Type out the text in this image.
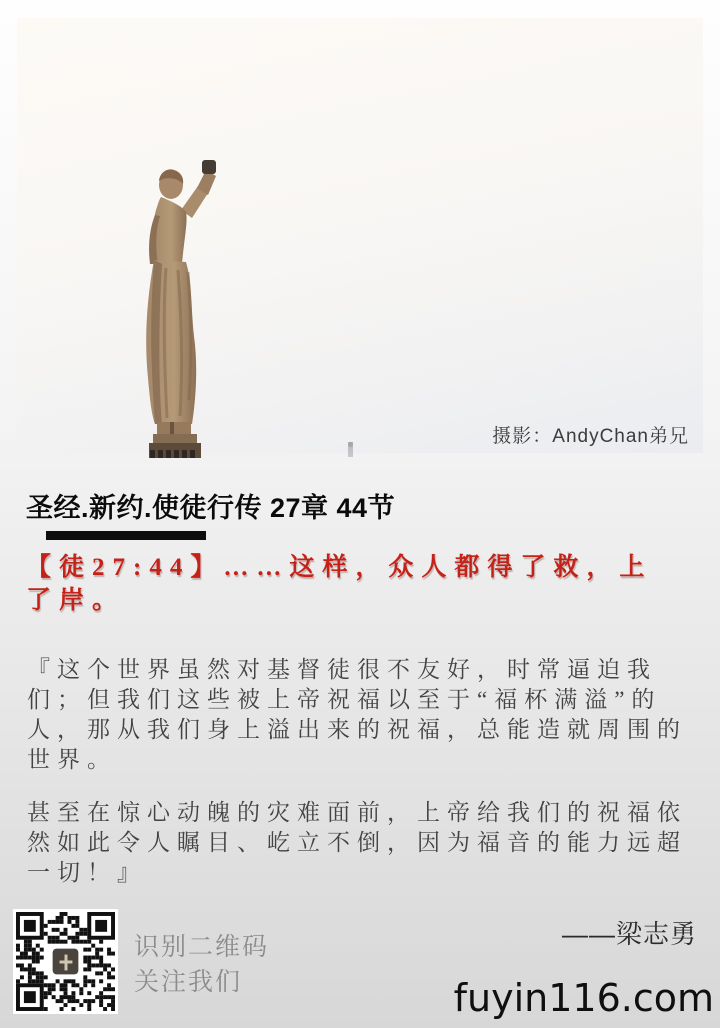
摄影：AndyChan弟兄
圣经.新约.使徒行传 27章 44节
【徒27:44】……这样，众人都得了救，上
了岸。
『这个世界虽然对基督徒很不友好，时常逼迫我们；但我们这些被上帝祝福以至于“福杯满溢”的人，那从我们身上溢出来的祝福，总能造就周围的世界。
甚至在惊心动魄的灾难面前，上帝给我们的祝福依然如此令人瞩目、屹立不倒，因为福音的能力远超一切！』
识别二维码
关注我们
——梁志勇
fuyin116.com
